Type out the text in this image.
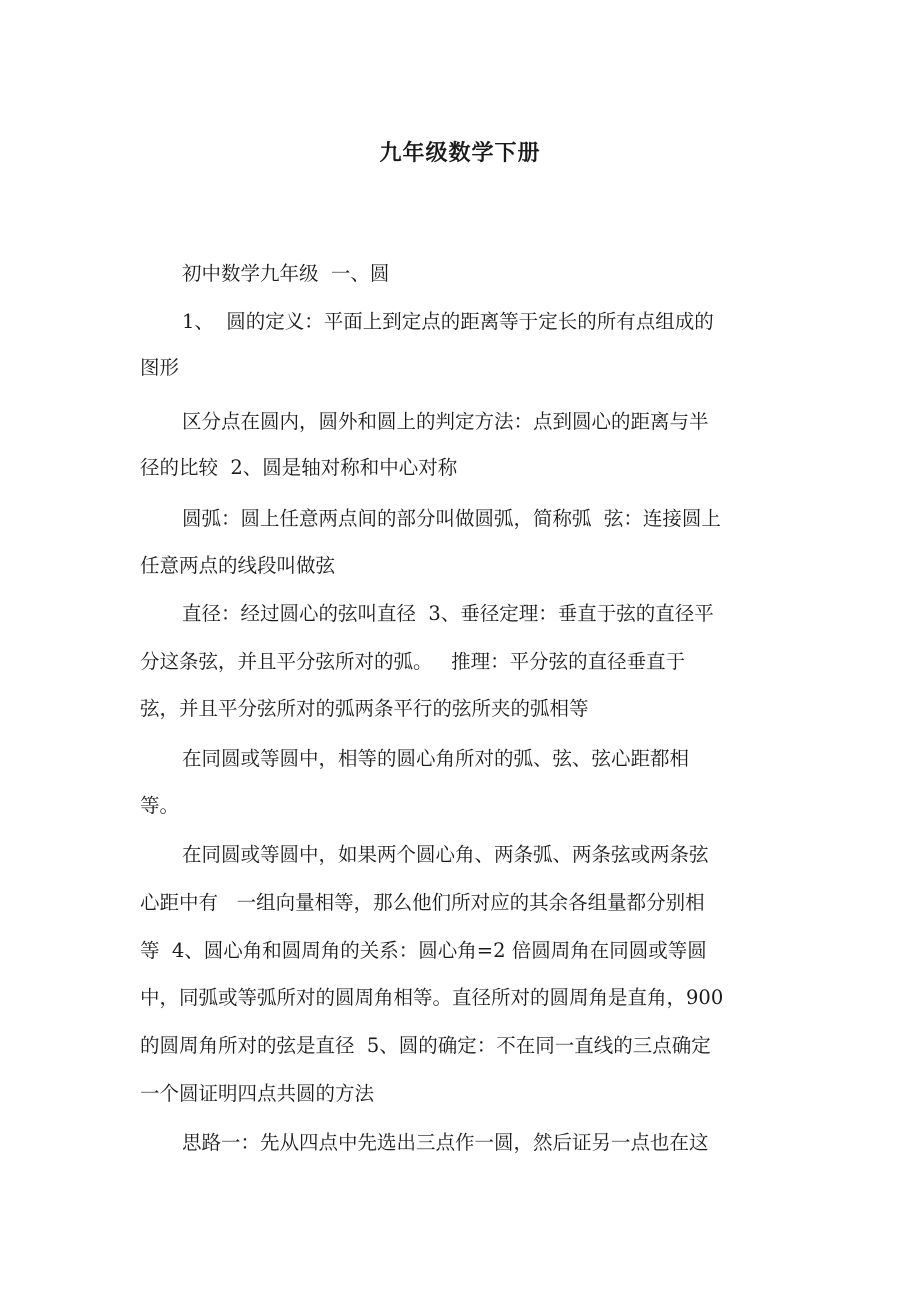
九年级数学下册

初中数学九年级  一、圆

1、  圆的定义：平面上到定点的距离等于定长的所有点组成的

图形

区分点在圆内，圆外和圆上的判定方法：点到圆心的距离与半

径的比较  2、圆是轴对称和中心对称

圆弧：圆上任意两点间的部分叫做圆弧，简称弧  弦：连接圆上

任意两点的线段叫做弦

直径：经过圆心的弦叫直径  3、垂径定理：垂直于弦的直径平

分这条弦，并且平分弦所对的弧。   推理：平分弦的直径垂直于

弦，并且平分弦所对的弧两条平行的弦所夹的弧相等

在同圆或等圆中，相等的圆心角所对的弧、弦、弦心距都相

等。

在同圆或等圆中，如果两个圆心角、两条弧、两条弦或两条弦

心距中有   一组向量相等，那么他们所对应的其余各组量都分别相

等  4、圆心角和圆周角的关系：圆心角=2 倍圆周角在同圆或等圆

中，同弧或等弧所对的圆周角相等。直径所对的圆周角是直角，900

的圆周角所对的弦是直径  5、圆的确定：不在同一直线的三点确定

一个圆证明四点共圆的方法

思路一：先从四点中先选出三点作一圆，然后证另一点也在这
